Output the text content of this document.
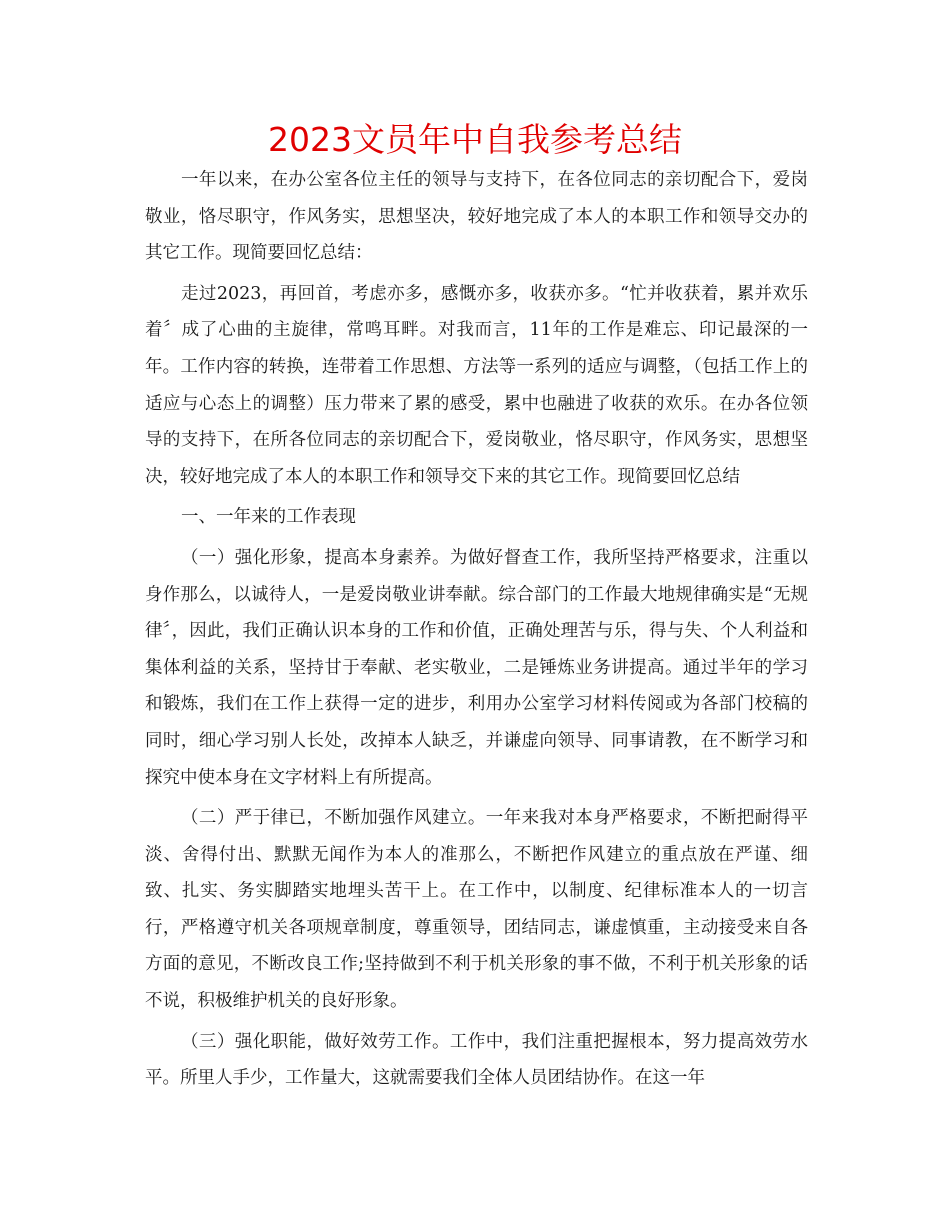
2023文员年中自我参考总结

一年以来，在办公室各位主任的领导与支持下，在各位同志的亲切配合下，爱岗敬业，恪尽职守，作风务实，思想坚决，较好地完成了本人的本职工作和领导交办的其它工作。现简要回忆总结：

走过2023，再回首，考虑亦多，感慨亦多，收获亦多。“忙并收获着，累并欢乐着〞成了心曲的主旋律，常鸣耳畔。对我而言，11年的工作是难忘、印记最深的一年。工作内容的转换，连带着工作思想、方法等一系列的适应与调整，（包括工作上的适应与心态上的调整）压力带来了累的感受，累中也融进了收获的欢乐。在办各位领导的支持下，在所各位同志的亲切配合下，爱岗敬业，恪尽职守，作风务实，思想坚决，较好地完成了本人的本职工作和领导交下来的其它工作。现简要回忆总结

一、一年来的工作表现

（一）强化形象，提高本身素养。为做好督查工作，我所坚持严格要求，注重以身作那么，以诚待人，一是爱岗敬业讲奉献。综合部门的工作最大地规律确实是“无规律〞，因此，我们正确认识本身的工作和价值，正确处理苦与乐，得与失、个人利益和集体利益的关系，坚持甘于奉献、老实敬业，二是锤炼业务讲提高。通过半年的学习和锻炼，我们在工作上获得一定的进步，利用办公室学习材料传阅或为各部门校稿的同时，细心学习别人长处，改掉本人缺乏，并谦虚向领导、同事请教，在不断学习和探究中使本身在文字材料上有所提高。

（二）严于律已，不断加强作风建立。一年来我对本身严格要求，不断把耐得平淡、舍得付出、默默无闻作为本人的准那么，不断把作风建立的重点放在严谨、细致、扎实、务实脚踏实地埋头苦干上。在工作中，以制度、纪律标准本人的一切言行，严格遵守机关各项规章制度，尊重领导，团结同志，谦虚慎重，主动接受来自各方面的意见，不断改良工作;坚持做到不利于机关形象的事不做，不利于机关形象的话不说，积极维护机关的良好形象。

（三）强化职能，做好效劳工作。工作中，我们注重把握根本，努力提高效劳水平。所里人手少，工作量大，这就需要我们全体人员团结协作。在这一年
